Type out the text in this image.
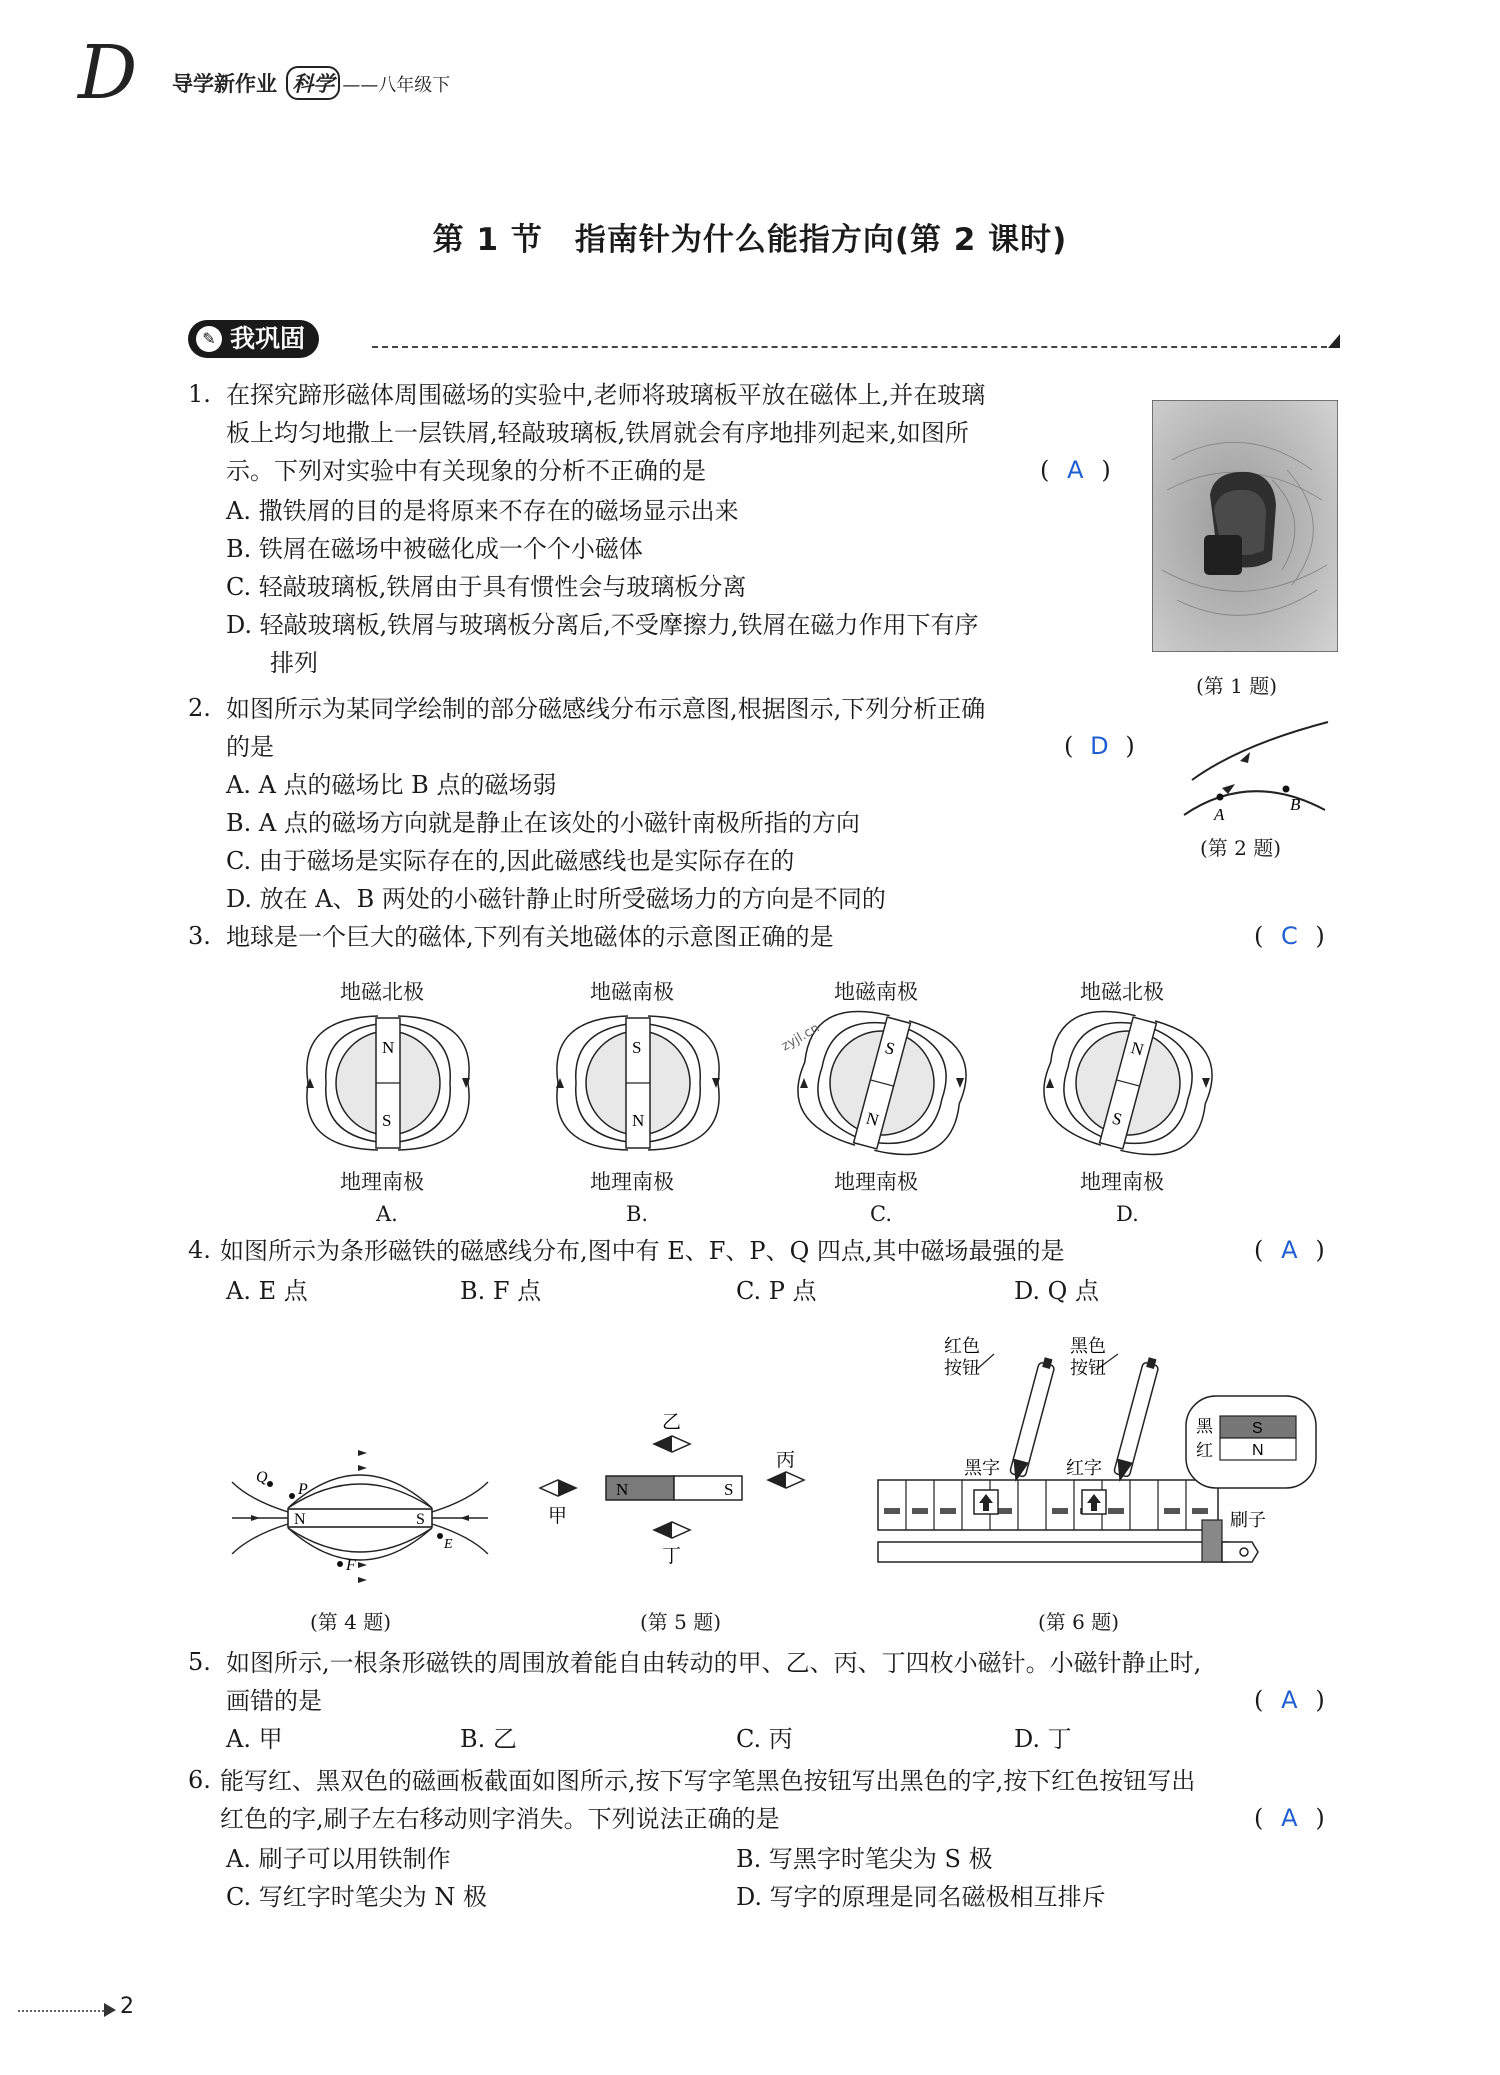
D 导学新作业 科学 ——八年级下
第 1 节　指南针为什么能指方向(第 2 课时)
✎ 我巩固
1. 在探究蹄形磁体周围磁场的实验中,老师将玻璃板平放在磁体上,并在玻璃
板上均匀地撒上一层铁屑,轻敲玻璃板,铁屑就会有序地排列起来,如图所
示。下列对实验中有关现象的分析不正确的是	( A )
A. 撒铁屑的目的是将原来不存在的磁场显示出来
B. 铁屑在磁场中被磁化成一个个小磁体
C. 轻敲玻璃板,铁屑由于具有惯性会与玻璃板分离
D. 轻敲玻璃板,铁屑与玻璃板分离后,不受摩擦力,铁屑在磁力作用下有序
排列
(第 1 题)
2. 如图所示为某同学绘制的部分磁感线分布示意图,根据图示,下列分析正确
的是	( D )
A. A 点的磁场比 B 点的磁场弱
B. A 点的磁场方向就是静止在该处的小磁针南极所指的方向
C. 由于磁场是实际存在的,因此磁感线也是实际存在的
D. 放在 A、B 两处的小磁针静止时所受磁场力的方向是不同的
A
B
(第 2 题)
3. 地球是一个巨大的磁体,下列有关地磁体的示意图正确的是	( C )
地磁北极
N
S
地理南极
A.
地磁南极
S
N
地理南极
B.
地磁南极
S
N
地理南极
C.
地磁北极
N
S
地理南极
D.
zyjl.cn
4. 如图所示为条形磁铁的磁感线分布,图中有 E、F、P、Q 四点,其中磁场最强的是	( A )
A. E 点	B. F 点	C. P 点	D. Q 点
N	S
Q
P
F
E
(第 4 题)
N	S
甲
乙
丙
丁
(第 5 题)
红色
按钮
黑色
按钮
黑字	红字
刷子
黑
红
S
N
(第 6 题)
5. 如图所示,一根条形磁铁的周围放着能自由转动的甲、乙、丙、丁四枚小磁针。小磁针静止时,
画错的是	( A )
A. 甲	B. 乙	C. 丙	D. 丁
6. 能写红、黑双色的磁画板截面如图所示,按下写字笔黑色按钮写出黑色的字,按下红色按钮写出
红色的字,刷子左右移动则字消失。下列说法正确的是	( A )
A. 刷子可以用铁制作	B. 写黑字时笔尖为 S 极
C. 写红字时笔尖为 N 极	D. 写字的原理是同名磁极相互排斥
2
